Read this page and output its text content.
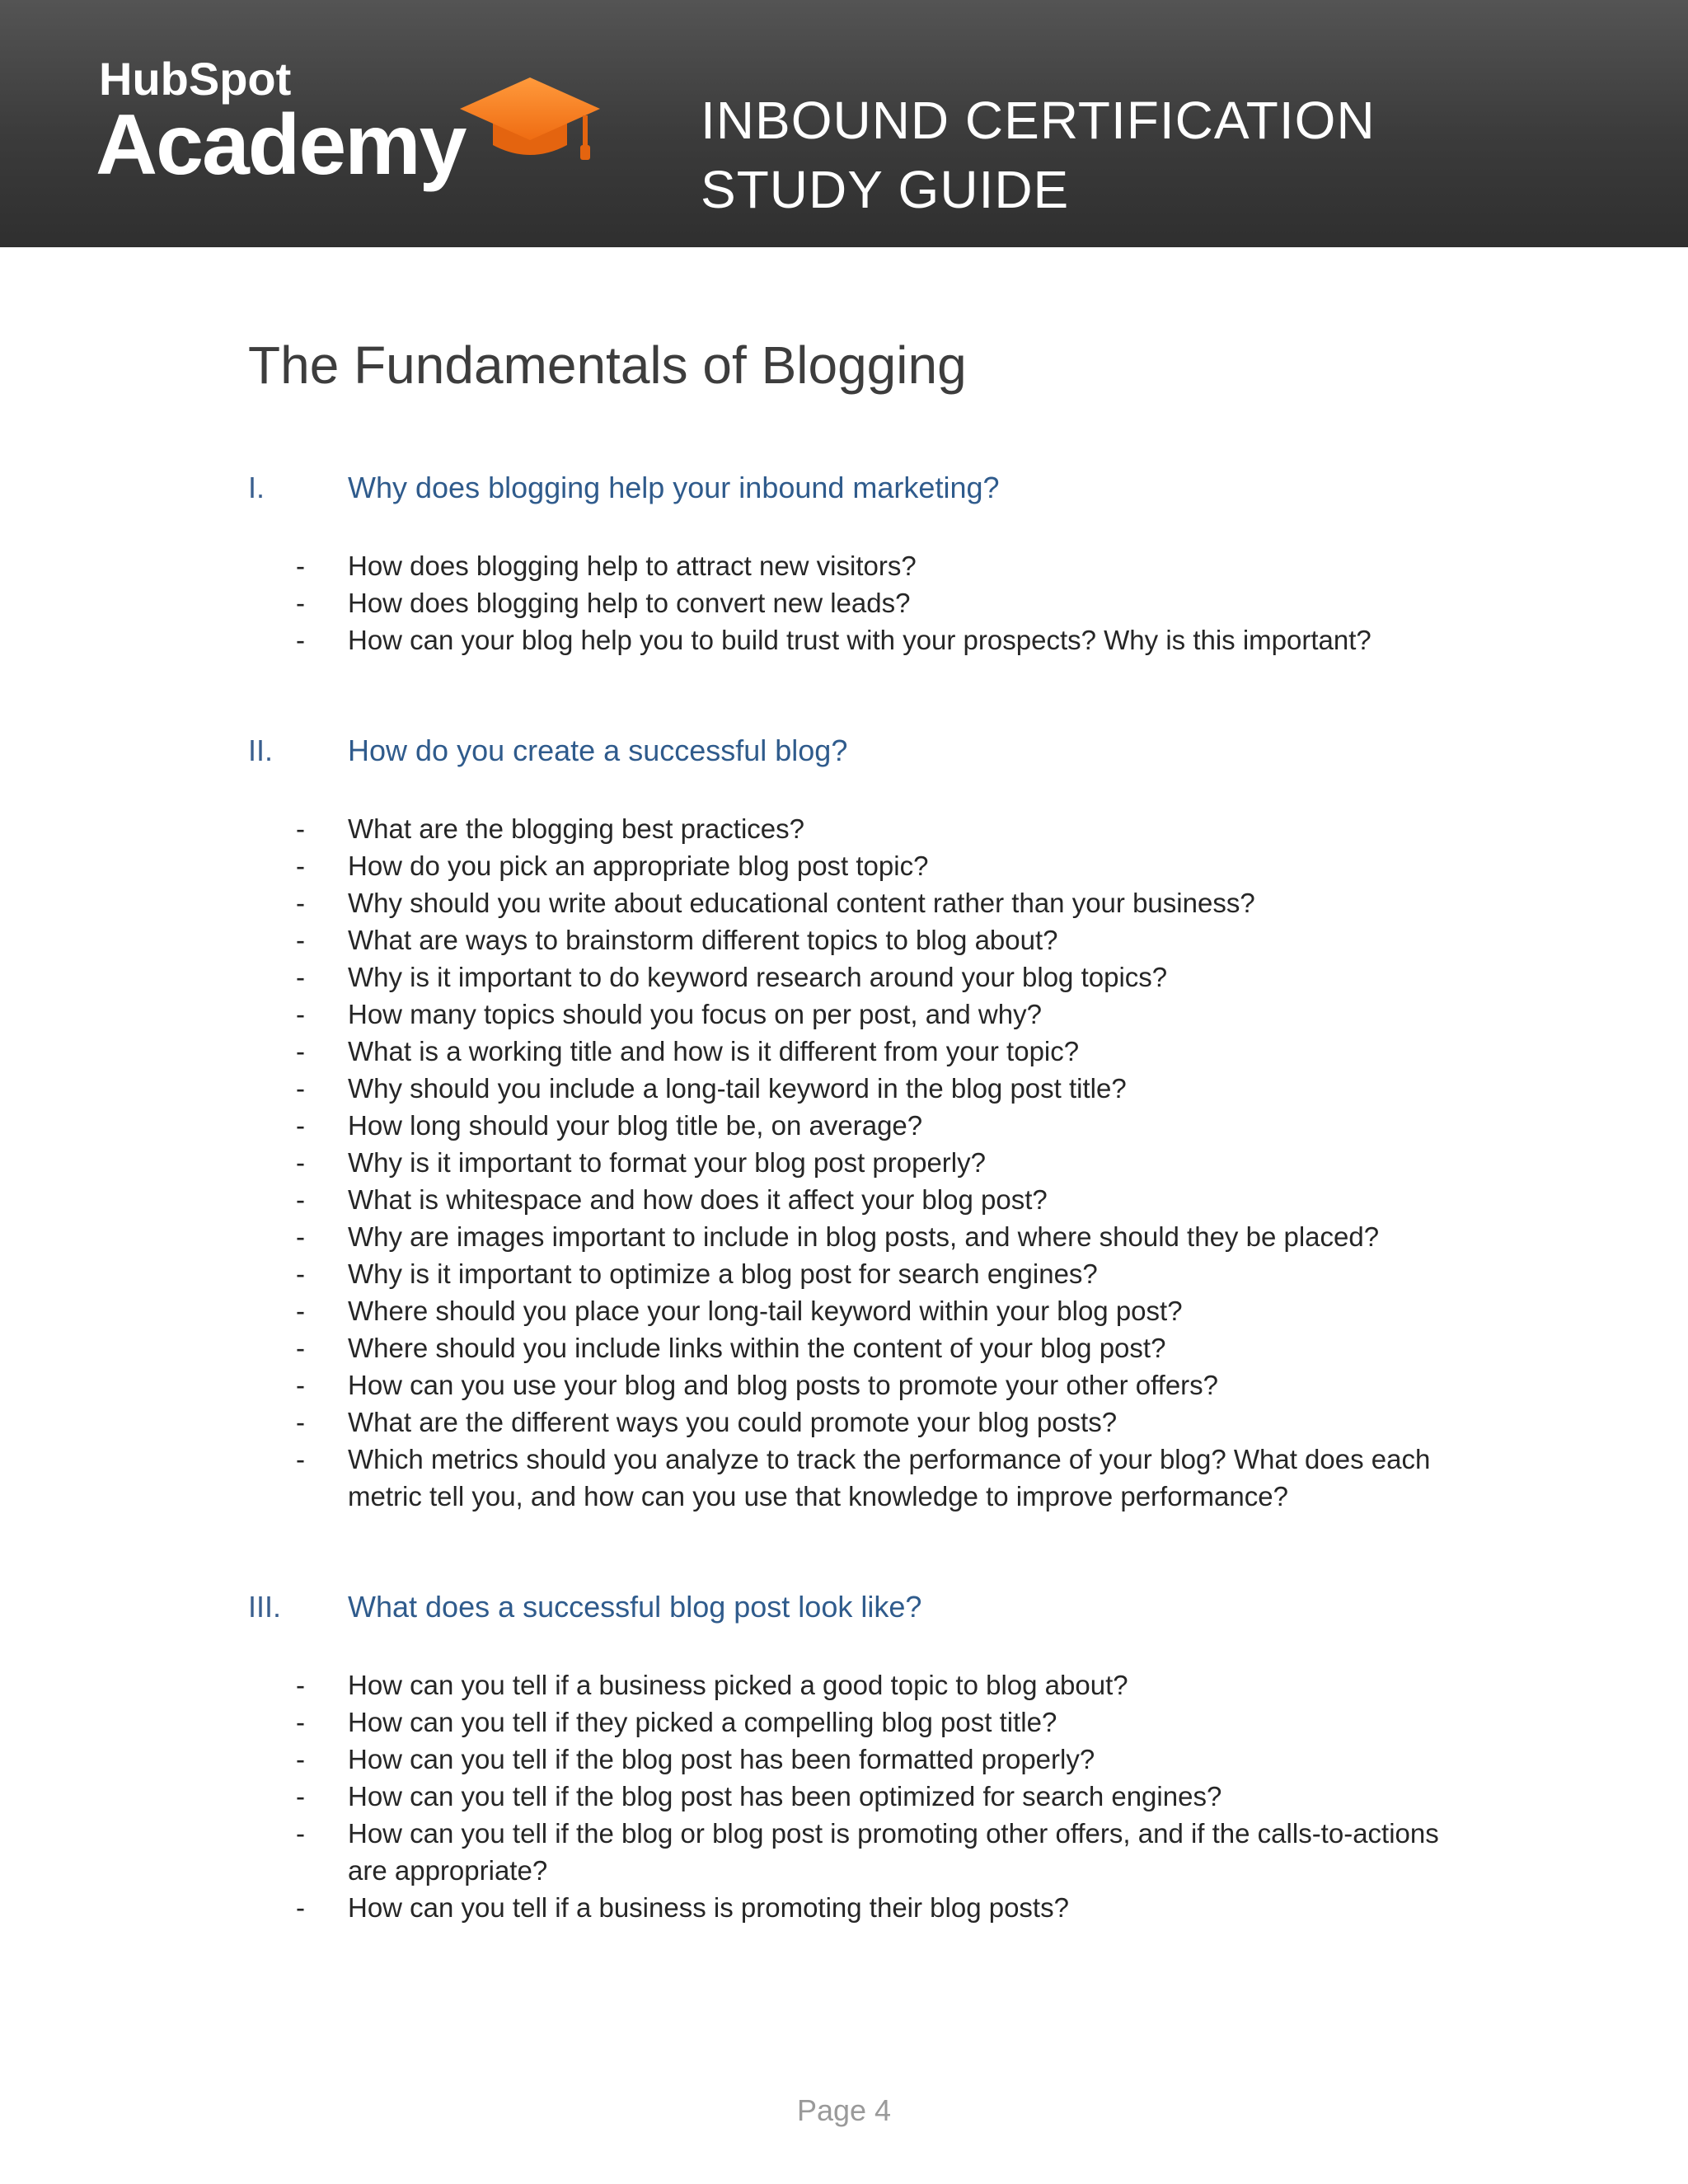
HubSpot
Academy	INBOUND CERTIFICATION
STUDY GUIDE
The Fundamentals of Blogging
I.	Why does blogging help your inbound marketing?
- How does blogging help to attract new visitors?
- How does blogging help to convert new leads?
- How can your blog help you to build trust with your prospects? Why is this important?
II.	How do you create a successful blog?
- What are the blogging best practices?
- How do you pick an appropriate blog post topic?
- Why should you write about educational content rather than your business?
- What are ways to brainstorm different topics to blog about?
- Why is it important to do keyword research around your blog topics?
- How many topics should you focus on per post, and why?
- What is a working title and how is it different from your topic?
- Why should you include a long-tail keyword in the blog post title?
- How long should your blog title be, on average?
- Why is it important to format your blog post properly?
- What is whitespace and how does it affect your blog post?
- Why are images important to include in blog posts, and where should they be placed?
- Why is it important to optimize a blog post for search engines?
- Where should you place your long-tail keyword within your blog post?
- Where should you include links within the content of your blog post?
- How can you use your blog and blog posts to promote your other offers?
- What are the different ways you could promote your blog posts?
- Which metrics should you analyze to track the performance of your blog? What does each metric tell you, and how can you use that knowledge to improve performance?
III. What does a successful blog post look like?
- How can you tell if a business picked a good topic to blog about?
- How can you tell if they picked a compelling blog post title?
- How can you tell if the blog post has been formatted properly?
- How can you tell if the blog post has been optimized for search engines?
- How can you tell if the blog or blog post is promoting other offers, and if the calls-to-actions are appropriate?
- How can you tell if a business is promoting their blog posts?
Page 4
